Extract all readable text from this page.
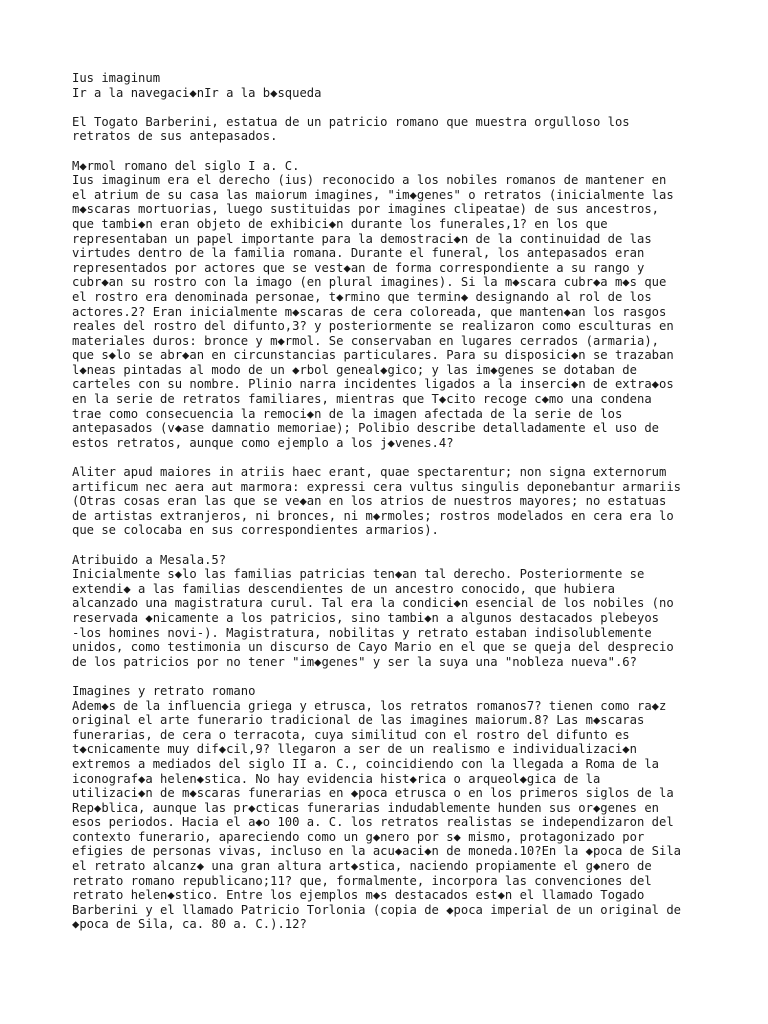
Ius imaginum
Ir a la navegaci◆nIr a la b◆squeda
El Togato Barberini, estatua de un patricio romano que muestra orgulloso los
retratos de sus antepasados.
M◆rmol romano del siglo I a. C.
Ius imaginum era el derecho (ius) reconocido a los nobiles romanos de mantener en
el atrium de su casa las maiorum imagines, "im◆genes" o retratos (inicialmente las
m◆scaras mortuorias, luego sustituidas por imagines clipeatae) de sus ancestros,
que tambi◆n eran objeto de exhibici◆n durante los funerales,1? en los que
representaban un papel importante para la demostraci◆n de la continuidad de las
virtudes dentro de la familia romana. Durante el funeral, los antepasados eran
representados por actores que se vest◆an de forma correspondiente a su rango y
cubr◆an su rostro con la imago (en plural imagines). Si la m◆scara cubr◆a m◆s que
el rostro era denominada personae, t◆rmino que termin◆ designando al rol de los
actores.2? Eran inicialmente m◆scaras de cera coloreada, que manten◆an los rasgos
reales del rostro del difunto,3? y posteriormente se realizaron como esculturas en
materiales duros: bronce y m◆rmol. Se conservaban en lugares cerrados (armaria),
que s◆lo se abr◆an en circunstancias particulares. Para su disposici◆n se trazaban
l◆neas pintadas al modo de un ◆rbol geneal◆gico; y las im◆genes se dotaban de
carteles con su nombre. Plinio narra incidentes ligados a la inserci◆n de extra◆os
en la serie de retratos familiares, mientras que T◆cito recoge c◆mo una condena
trae como consecuencia la remoci◆n de la imagen afectada de la serie de los
antepasados (v◆ase damnatio memoriae); Polibio describe detalladamente el uso de
estos retratos, aunque como ejemplo a los j◆venes.4?
Aliter apud maiores in atriis haec erant, quae spectarentur; non signa externorum
artificum nec aera aut marmora: expressi cera vultus singulis deponebantur armariis
(Otras cosas eran las que se ve◆an en los atrios de nuestros mayores; no estatuas
de artistas extranjeros, ni bronces, ni m◆rmoles; rostros modelados en cera era lo
que se colocaba en sus correspondientes armarios).
Atribuido a Mesala.5?
Inicialmente s◆lo las familias patricias ten◆an tal derecho. Posteriormente se
extendi◆ a las familias descendientes de un ancestro conocido, que hubiera
alcanzado una magistratura curul. Tal era la condici◆n esencial de los nobiles (no
reservada ◆nicamente a los patricios, sino tambi◆n a algunos destacados plebeyos
-los homines novi-). Magistratura, nobilitas y retrato estaban indisolublemente
unidos, como testimonia un discurso de Cayo Mario en el que se queja del desprecio
de los patricios por no tener "im◆genes" y ser la suya una "nobleza nueva".6?
Imagines y retrato romano
Adem◆s de la influencia griega y etrusca, los retratos romanos7? tienen como ra◆z
original el arte funerario tradicional de las imagines maiorum.8? Las m◆scaras
funerarias, de cera o terracota, cuya similitud con el rostro del difunto es
t◆cnicamente muy dif◆cil,9? llegaron a ser de un realismo e individualizaci◆n
extremos a mediados del siglo II a. C., coincidiendo con la llegada a Roma de la
iconograf◆a helen◆stica. No hay evidencia hist◆rica o arqueol◆gica de la
utilizaci◆n de m◆scaras funerarias en ◆poca etrusca o en los primeros siglos de la
Rep◆blica, aunque las pr◆cticas funerarias indudablemente hunden sus or◆genes en
esos periodos. Hacia el a◆o 100 a. C. los retratos realistas se independizaron del
contexto funerario, apareciendo como un g◆nero por s◆ mismo, protagonizado por
efigies de personas vivas, incluso en la acu◆aci◆n de moneda.10?En la ◆poca de Sila
el retrato alcanz◆ una gran altura art◆stica, naciendo propiamente el g◆nero de
retrato romano republicano;11? que, formalmente, incorpora las convenciones del
retrato helen◆stico. Entre los ejemplos m◆s destacados est◆n el llamado Togado
Barberini y el llamado Patricio Torlonia (copia de ◆poca imperial de un original de
◆poca de Sila, ca. 80 a. C.).12?
